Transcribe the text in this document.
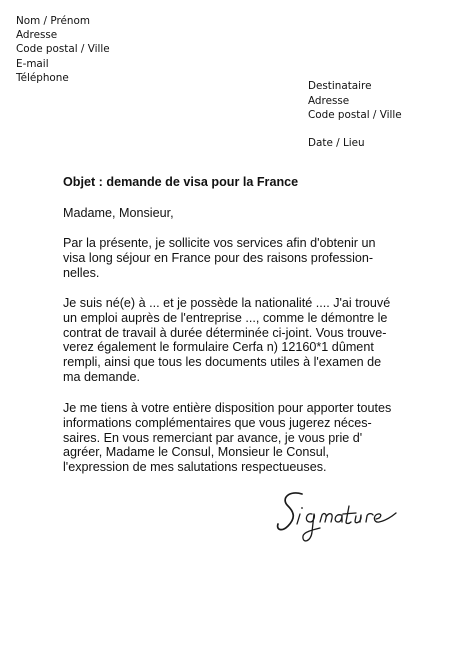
Nom / Prénom
Adresse
Code postal / Ville
E-mail
Téléphone
Destinataire
Adresse
Code postal / Ville
Date / Lieu
Objet : demande de visa pour la France
Madame, Monsieur,
Par la présente, je sollicite vos services afin d'obtenir un
visa long séjour en France pour des raisons profession-
nelles.
Je suis né(e) à ... et je possède la nationalité .... J'ai trouvé
un emploi auprès de l'entreprise ..., comme le démontre le
contrat de travail à durée déterminée ci-joint. Vous trouve-
verez également le formulaire Cerfa n) 12160*1 dûment
rempli, ainsi que tous les documents utiles à l'examen de
ma demande.
Je me tiens à votre entière disposition pour apporter toutes
informations complémentaires que vous jugerez néces-
saires. En vous remerciant par avance, je vous prie d'
agréer, Madame le Consul, Monsieur le Consul,
l'expression de mes salutations respectueuses.
